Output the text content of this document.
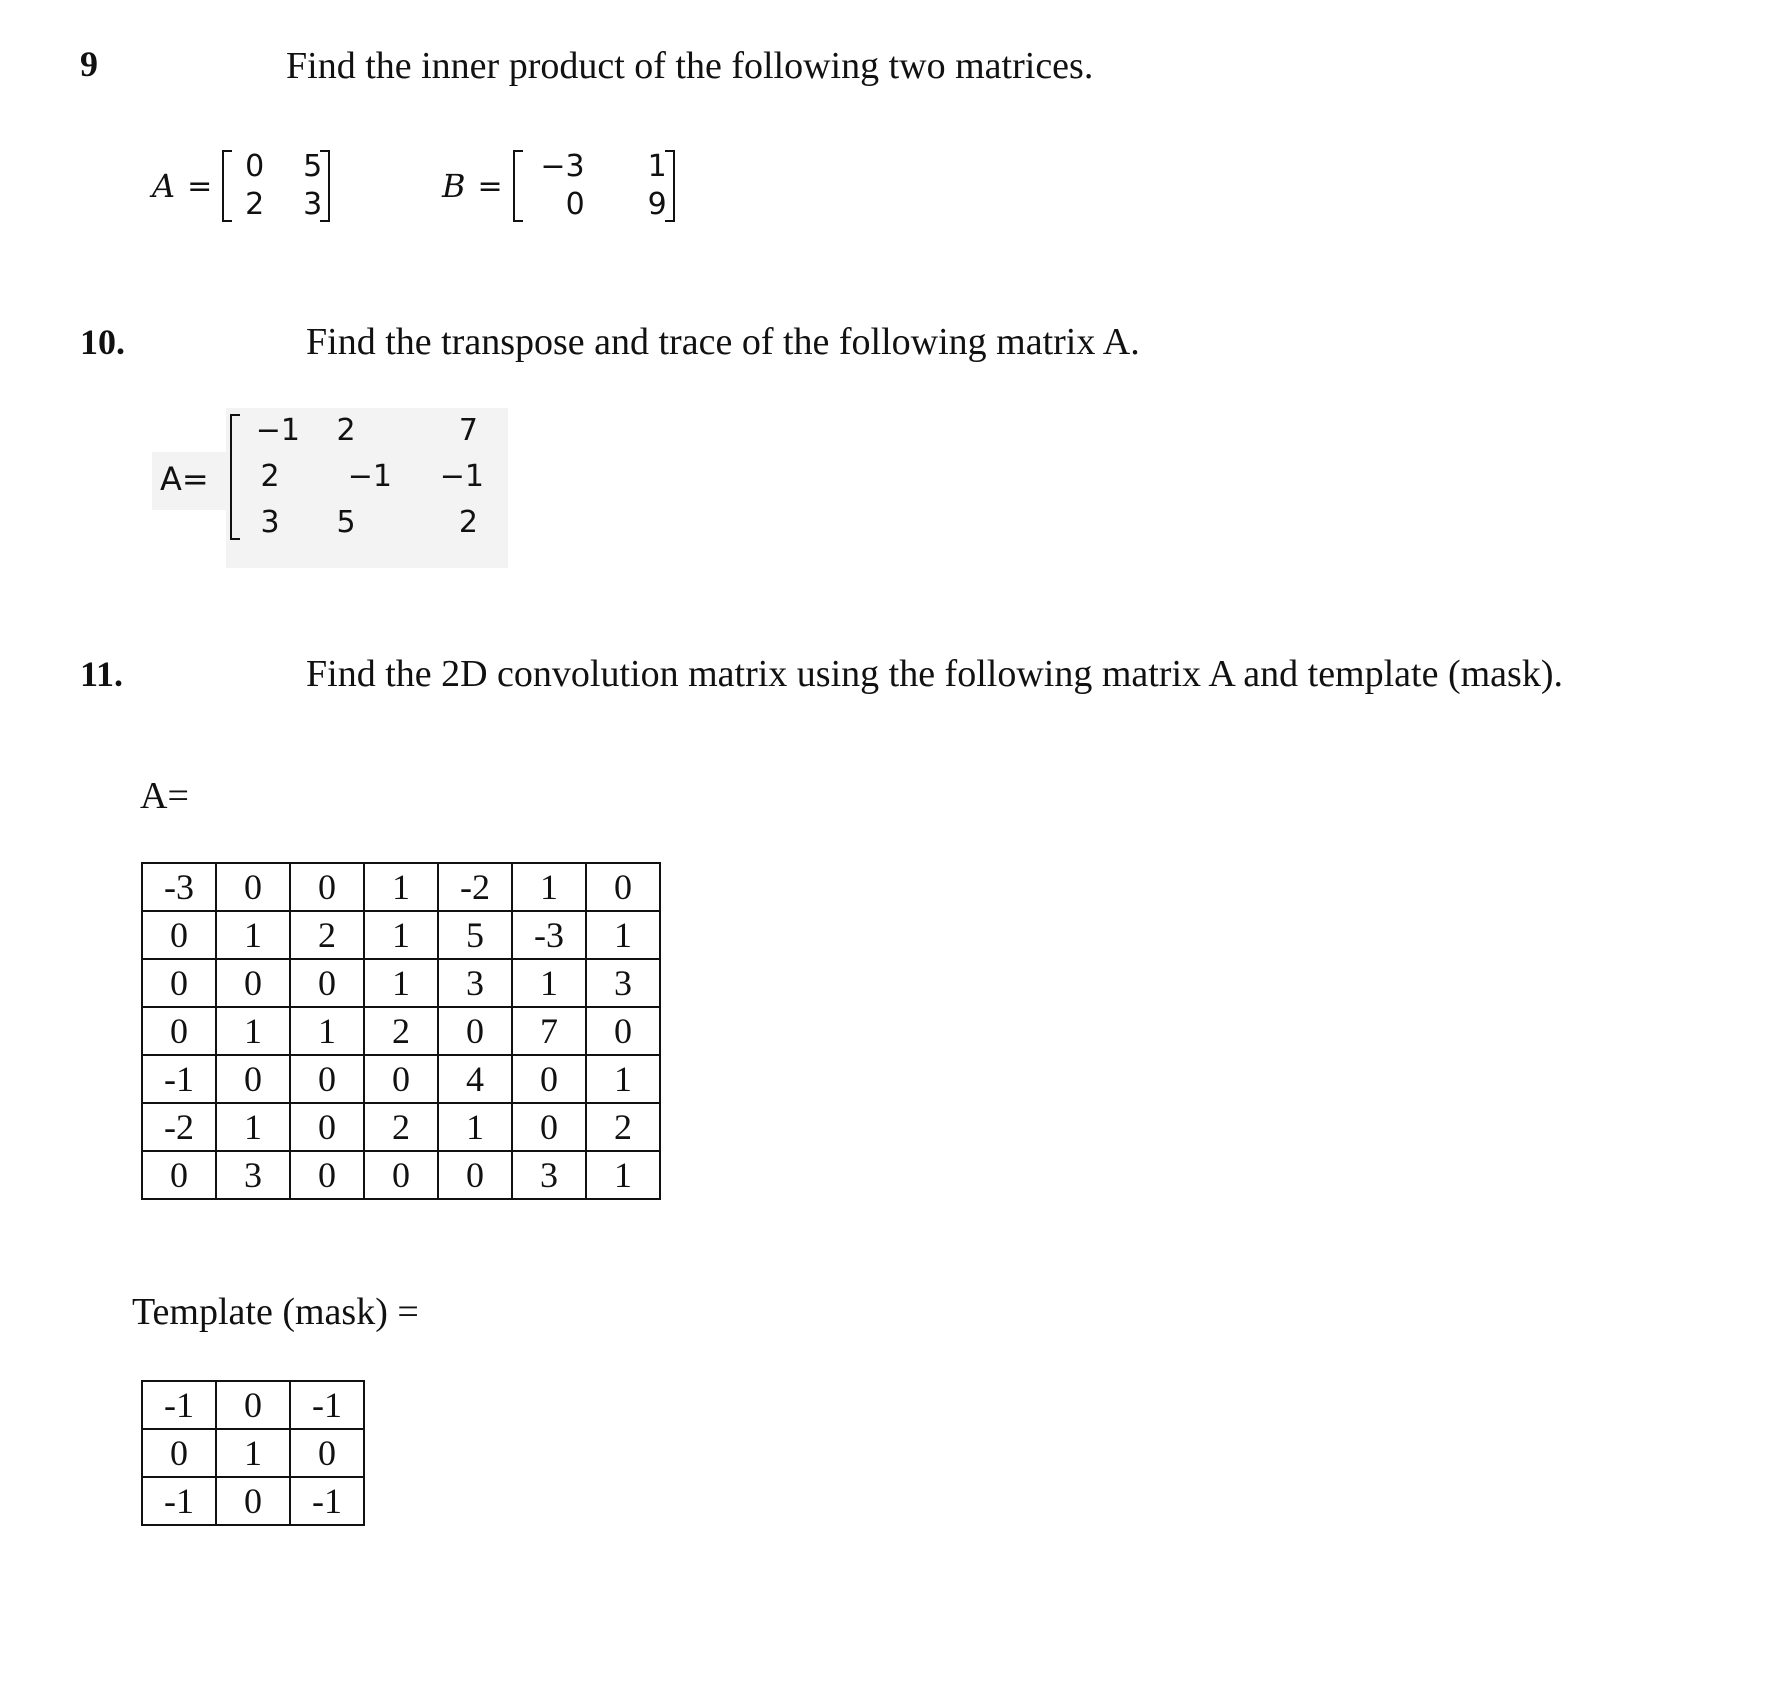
9	Find the inner product of the following two matrices.
A =
0	5
2	3	B =
−3	1
0	9
10.	Find the transpose and trace of the following matrix A.
A=
−1	2	7
2	−1	−1
3	5	2
11.	Find the 2D convolution matrix using the following matrix A and template (mask).
A=
-3	0	0	1	-2	1	0
0	1	2	1	5	-3	1
0	0	0	1	3	1	3
0	1	1	2	0	7	0
-1	0	0	0	4	0	1
-2	1	0	2	1	0	2
0	3	0	0	0	3	1
Template (mask) =
-1	0	-1
0	1	0
-1	0	-1
